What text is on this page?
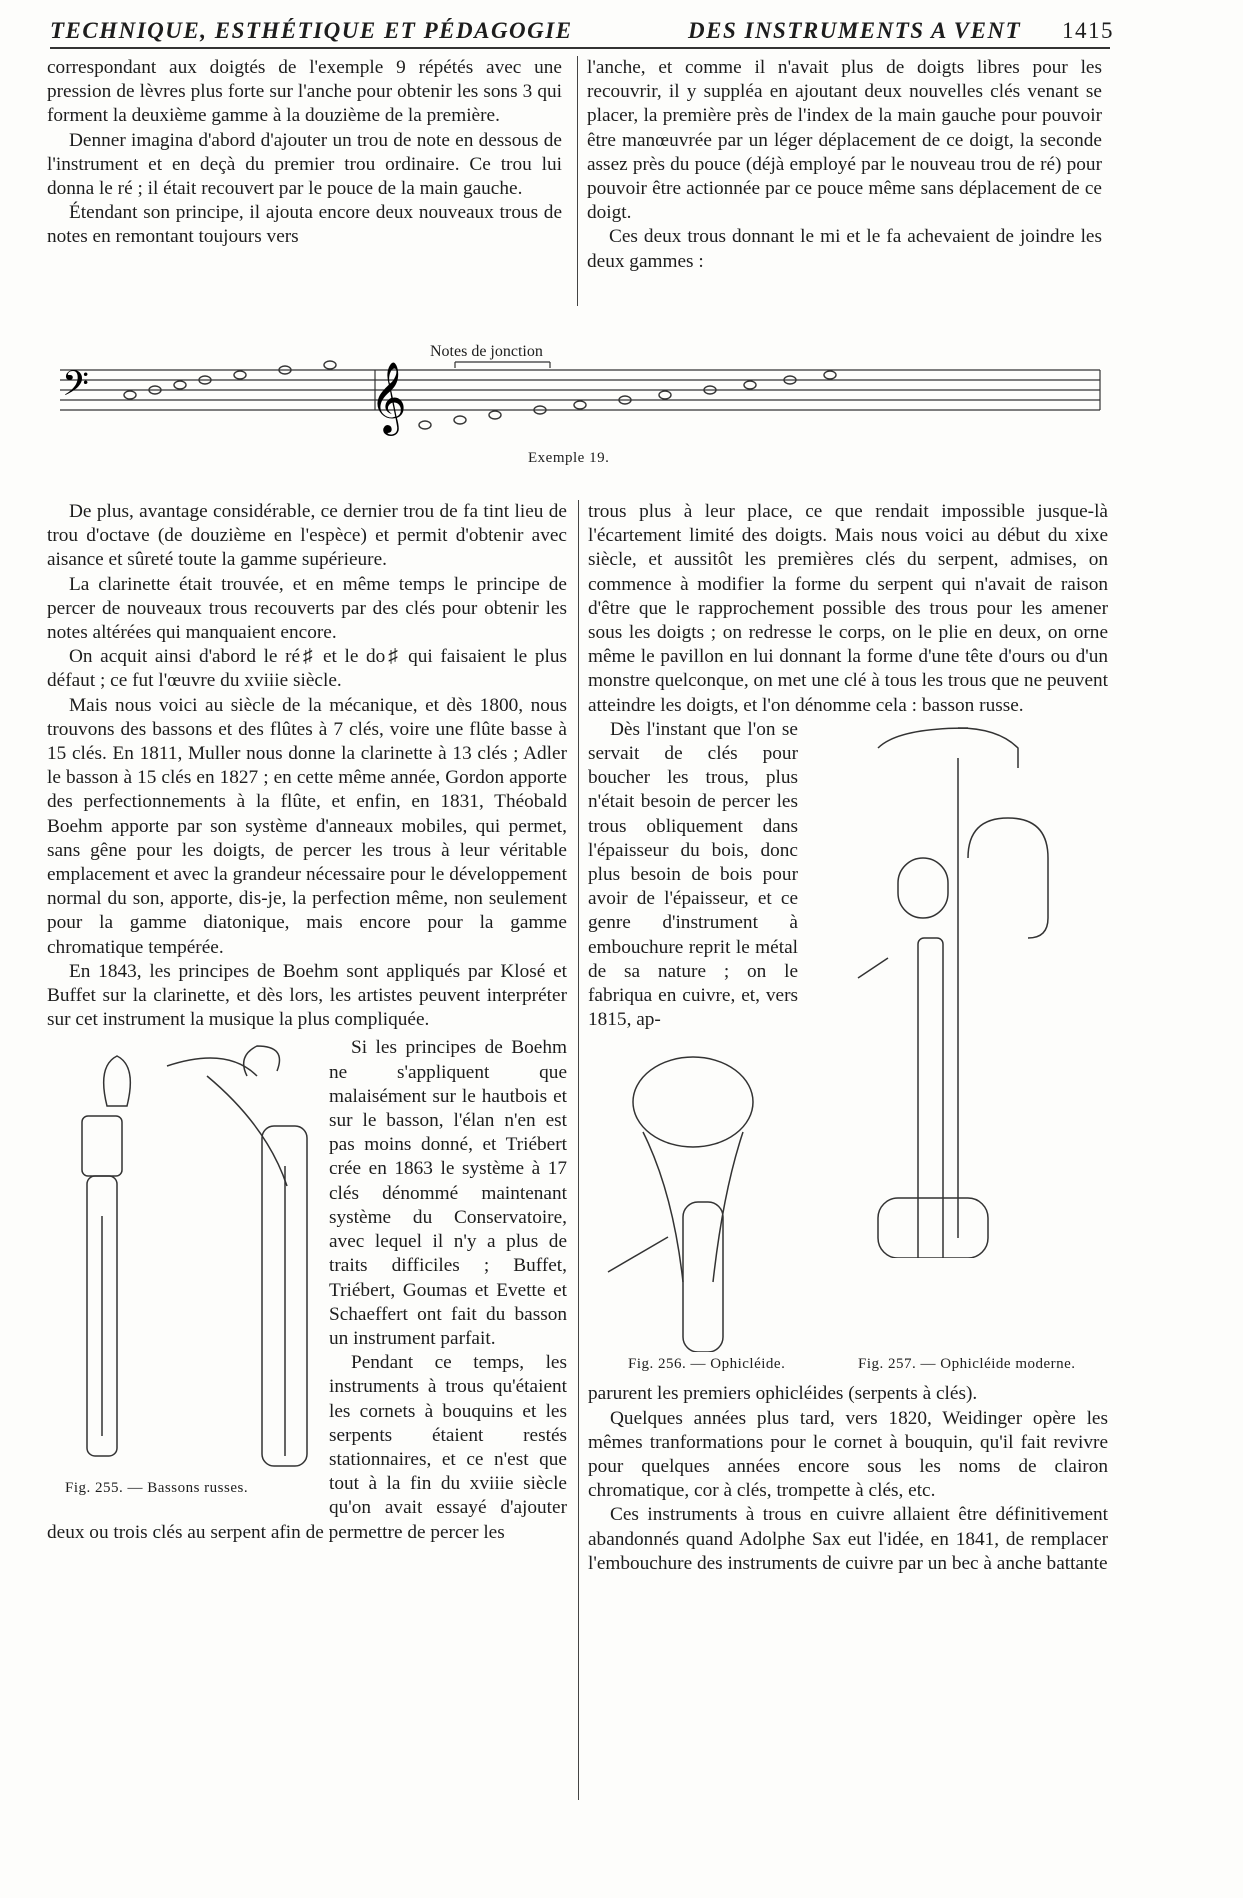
TECHNIQUE, ESTHÉTIQUE ET PÉDAGOGIE	DES INSTRUMENTS A VENT 1415

correspondant aux doigtés de l'exemple 9 répétés avec une pression de lèvres plus forte sur l'anche pour obtenir les sons 3 qui forment la deuxième gamme à la douzième de la première.

Denner imagina d'abord d'ajouter un trou de note en dessous de l'instrument et en deçà du premier trou ordinaire. Ce trou lui donna le ré ; il était recouvert par le pouce de la main gauche.

Étendant son principe, il ajouta encore deux nouveaux trous de notes en remontant toujours vers

l'anche, et comme il n'avait plus de doigts libres pour les recouvrir, il y suppléa en ajoutant deux nouvelles clés venant se placer, la première près de l'index de la main gauche pour pouvoir être manœuvrée par un léger déplacement de ce doigt, la seconde assez près du pouce (déjà employé par le nouveau trou de ré) pour pouvoir être actionnée par ce pouce même sans déplacement de ce doigt.

Ces deux trous donnant le mi et le fa achevaient de joindre les deux gammes :

Notes de jonction
𝄢	𝄞
Exemple 19.

De plus, avantage considérable, ce dernier trou de fa tint lieu de trou d'octave (de douzième en l'espèce) et permit d'obtenir avec aisance et sûreté toute la gamme supérieure.

La clarinette était trouvée, et en même temps le principe de percer de nouveaux trous recouverts par des clés pour obtenir les notes altérées qui manquaient encore.

On acquit ainsi d'abord le ré♯ et le do♯ qui faisaient le plus défaut ; ce fut l'œuvre du xviiie siècle.

Mais nous voici au siècle de la mécanique, et dès 1800, nous trouvons des bassons et des flûtes à 7 clés, voire une flûte basse à 15 clés. En 1811, Muller nous donne la clarinette à 13 clés ; Adler le basson à 15 clés en 1827 ; en cette même année, Gordon apporte des perfectionnements à la flûte, et enfin, en 1831, Théobald Boehm apporte par son système d'anneaux mobiles, qui permet, sans gêne pour les doigts, de percer les trous à leur véritable emplacement et avec la grandeur nécessaire pour le développement normal du son, apporte, dis-je, la perfection même, non seulement pour la gamme diatonique, mais encore pour la gamme chromatique tempérée.

En 1843, les principes de Boehm sont appliqués par Klosé et Buffet sur la clarinette, et dès lors, les artistes peuvent interpréter sur cet instrument la musique la plus compliquée.

Fig. 255. — Bassons russes.

Si les principes de Boehm ne s'appliquent que malaisément sur le hautbois et sur le basson, l'élan n'en est pas moins donné, et Triébert crée en 1863 le système à 17 clés dénommé maintenant système du Conservatoire, avec lequel il n'y a plus de traits difficiles ; Buffet, Triébert, Goumas et Evette et Schaeffert ont fait du basson un instrument parfait.

Pendant ce temps, les instruments à trous qu'étaient les cornets à bouquins et les serpents étaient restés stationnaires, et ce n'est que tout à la fin du xviiie siècle qu'on avait essayé d'ajouter deux ou trois clés au serpent afin de permettre de percer les

trous plus à leur place, ce que rendait impossible jusque-là l'écartement limité des doigts. Mais nous voici au début du xixe siècle, et aussitôt les premières clés du serpent, admises, on commence à modifier la forme du serpent qui n'avait de raison d'être que le rapprochement possible des trous pour les amener sous les doigts ; on redresse le corps, on le plie en deux, on orne même le pavillon en lui donnant la forme d'une tête d'ours ou d'un monstre quelconque, on met une clé à tous les trous que ne peuvent atteindre les doigts, et l'on dénomme cela : basson russe.

Dès l'instant que l'on se servait de clés pour boucher les trous, plus n'était besoin de percer les trous obliquement dans l'épaisseur du bois, donc plus besoin de bois pour avoir de l'épaisseur, et ce genre d'instrument à embouchure reprit le métal de sa nature ; on le fabriqua en cuivre, et, vers 1815, ap-

Fig. 256. — Ophicléide.	Fig. 257. — Ophicléide moderne.

parurent les premiers ophicléides (serpents à clés).

Quelques années plus tard, vers 1820, Weidinger opère les mêmes tranformations pour le cornet à bouquin, qu'il fait revivre pour quelques années encore sous les noms de clairon chromatique, cor à clés, trompette à clés, etc.

Ces instruments à trous en cuivre allaient être définitivement abandonnés quand Adolphe Sax eut l'idée, en 1841, de remplacer l'embouchure des instruments de cuivre par un bec à anche battante
